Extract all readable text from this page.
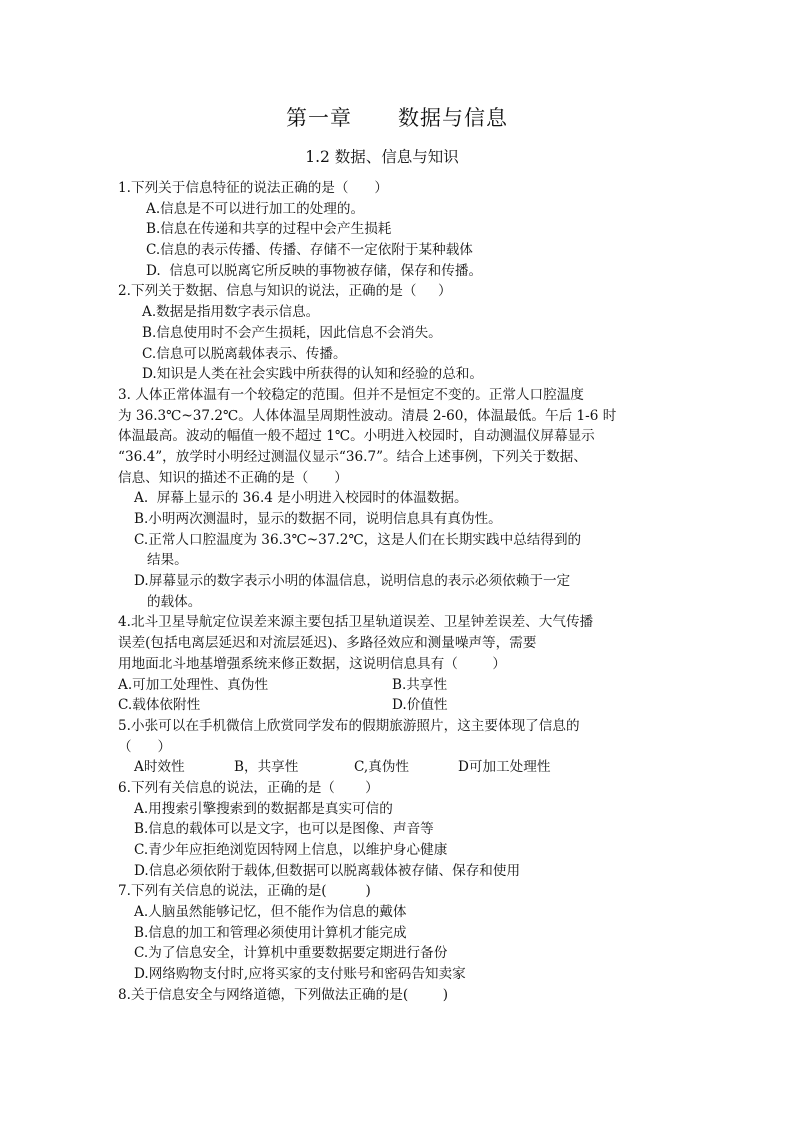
第一章      数据与信息
1.2 数据、信息与知识
1.下列关于信息特征的说法正确的是（      ）
A.信息是不可以进行加工的处理的。
B.信息在传递和共享的过程中会产生损耗
C.信息的表示传播、传播、存储不一定依附于某种载体
D.  信息可以脱离它所反映的事物被存储，保存和传播。
2.下列关于数据、信息与知识的说法，正确的是（     ）
A.数据是指用数字表示信息。
B.信息使用时不会产生损耗，因此信息不会消失。
C.信息可以脱离载体表示、传播。
D.知识是人类在社会实践中所获得的认知和经验的总和。
3. 人体正常体温有一个较稳定的范围。但并不是恒定不变的。正常人口腔温度
为 36.3℃~37.2℃。人体体温呈周期性波动。清晨 2-60，体温最低。午后 1-6 时
体温最高。波动的幅值一般不超过 1℃。小明进入校园时，自动测温仪屏幕显示
“36.4”，放学时小明经过测温仪显示“36.7”。结合上述事例，下列关于数据、
信息、知识的描述不正确的是（      ）
A.  屏幕上显示的 36.4 是小明进入校园时的体温数据。
B.小明两次测温时，显示的数据不同，说明信息具有真伪性。
C.正常人口腔温度为 36.3℃~37.2℃，这是人们在长期实践中总结得到的
结果。
D.屏幕显示的数字表示小明的体温信息，说明信息的表示必须依赖于一定
的载体。
4.北斗卫星导航定位误差来源主要包括卫星轨道误差、卫星钟差误差、大气传播
误差(包括电离层延迟和对流层延迟)、多路径效应和测量噪声等，需要
用地面北斗地基增强系统来修正数据，这说明信息具有（        ）
A.可加工处理性、真伪性	B.共享性
C.载体依附性	D.价值性
5.小张可以在手机微信上欣赏同学发布的假期旅游照片，这主要体现了信息的
（      ）
A时效性	B，共享性	C,真伪性	D可加工处理性
6.下列有关信息的说法，正确的是（       ）
A.用搜索引擎搜索到的数据都是真实可信的
B.信息的载体可以是文字，也可以是图像、声音等
C.青少年应拒绝浏览因特网上信息，以维护身心健康
D.信息必须依附于载体,但数据可以脱离载体被存储、保存和使用
7.下列有关信息的说法，正确的是(         )
A.人脑虽然能够记忆，但不能作为信息的戴体
B.信息的加工和管理必须使用计算机才能完成
C.为了信息安全，计算机中重要数据要定期进行备份
D.网络购物支付时,应将买家的支付账号和密码告知卖家
8.关于信息安全与网络道德，下列做法正确的是(        )
